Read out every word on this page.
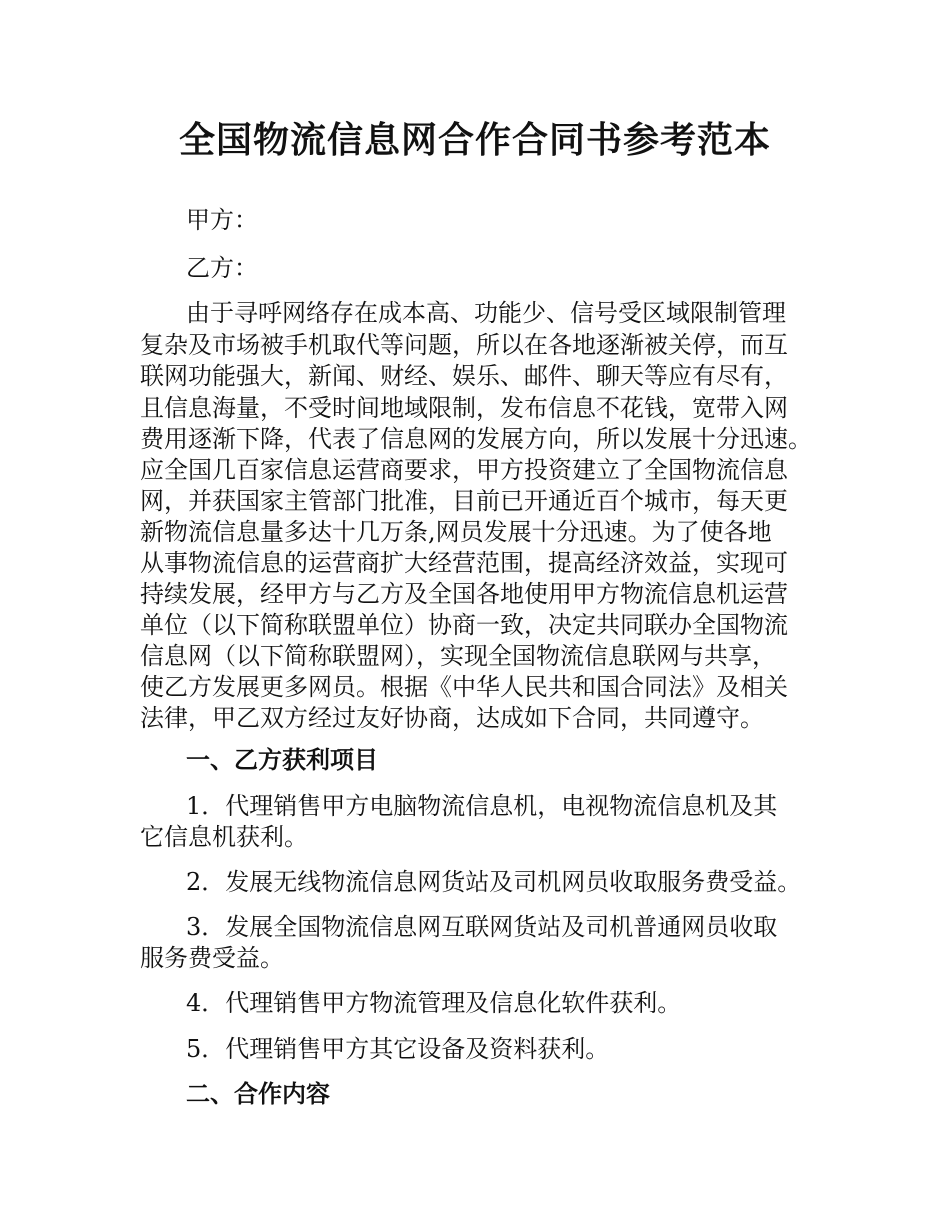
全国物流信息网合作合同书参考范本
甲方：
乙方：
由于寻呼网络存在成本高、功能少、信号受区域限制管理
复杂及市场被手机取代等问题，所以在各地逐渐被关停，而互
联网功能强大，新闻、财经、娱乐、邮件、聊天等应有尽有，
且信息海量，不受时间地域限制，发布信息不花钱，宽带入网
费用逐渐下降，代表了信息网的发展方向，所以发展十分迅速。
应全国几百家信息运营商要求，甲方投资建立了全国物流信息
网，并获国家主管部门批准，目前已开通近百个城市，每天更
新物流信息量多达十几万条,网员发展十分迅速。为了使各地
从事物流信息的运营商扩大经营范围，提高经济效益，实现可
持续发展，经甲方与乙方及全国各地使用甲方物流信息机运营
单位（以下简称联盟单位）协商一致，决定共同联办全国物流
信息网（以下简称联盟网），实现全国物流信息联网与共享，
使乙方发展更多网员。根据《中华人民共和国合同法》及相关
法律，甲乙双方经过友好协商，达成如下合同，共同遵守。
一、乙方获利项目
1．代理销售甲方电脑物流信息机，电视物流信息机及其
它信息机获利。
2．发展无线物流信息网货站及司机网员收取服务费受益。
3．发展全国物流信息网互联网货站及司机普通网员收取
服务费受益。
4．代理销售甲方物流管理及信息化软件获利。
5．代理销售甲方其它设备及资料获利。
二、合作内容
